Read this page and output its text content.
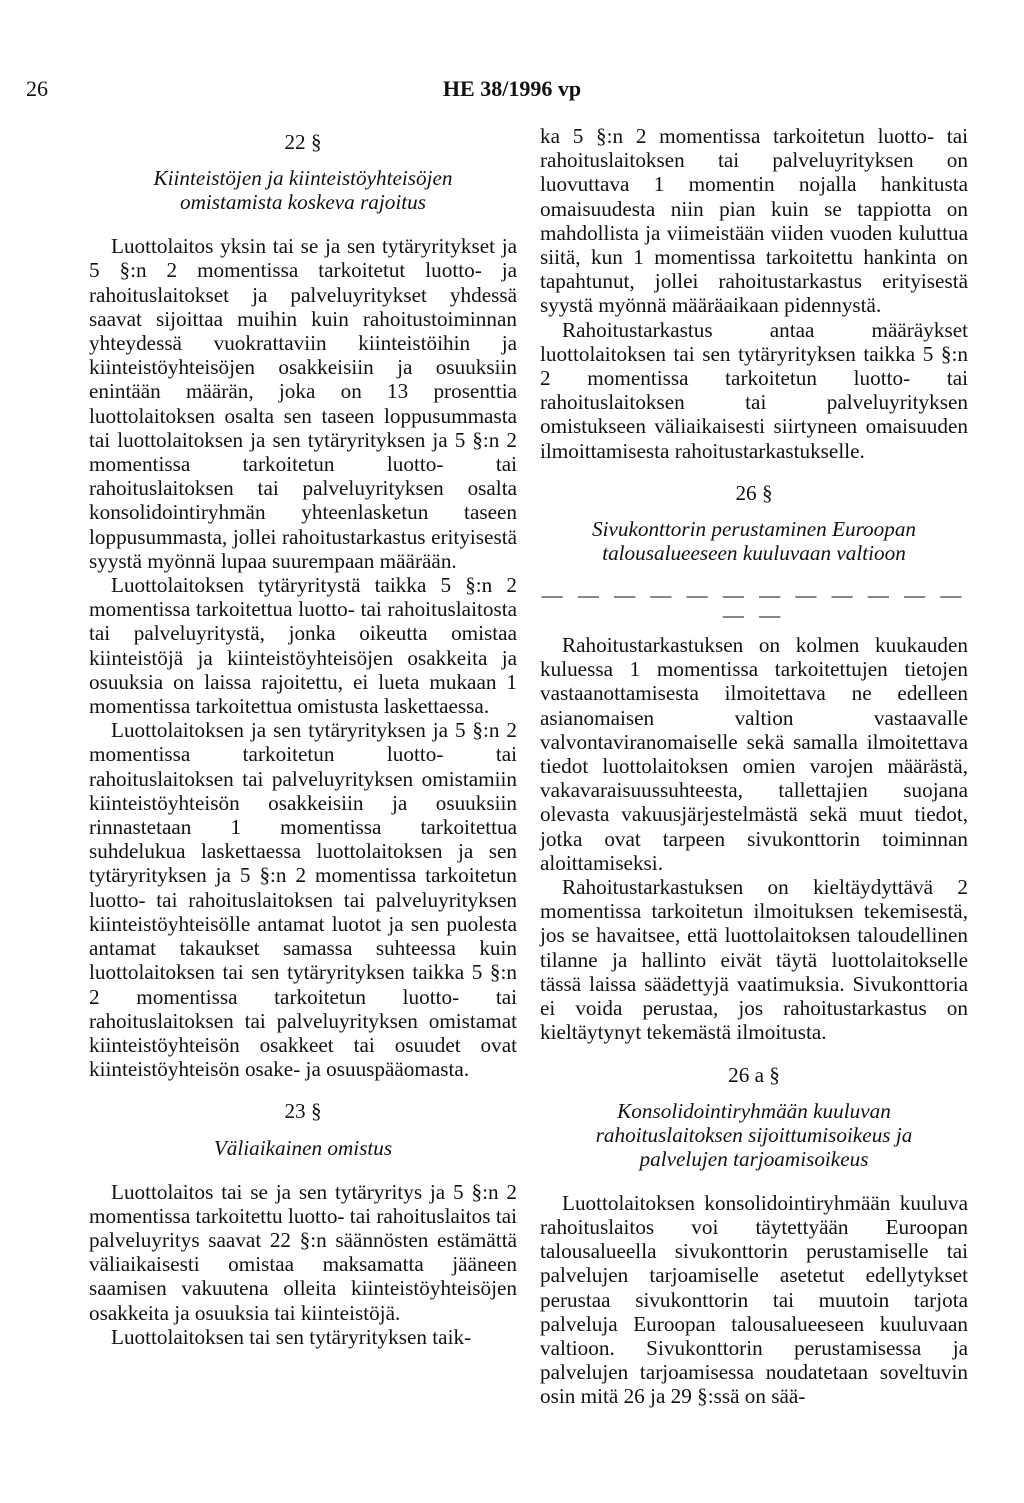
26	HE 38/1996 vp
22 §
Kiinteistöjen ja kiinteistöyhteisöjen omistamista koskeva rajoitus

Luottolaitos yksin tai se ja sen tytäryritykset ja 5 §:n 2 momentissa tarkoitetut luotto- ja rahoituslaitokset ja palveluyritykset yhdessä saavat sijoittaa muihin kuin rahoitustoiminnan yhteydessä vuokrattaviin kiinteistöihin ja kiinteistöyhteisöjen osakkeisiin ja osuuksiin enintään määrän, joka on 13 prosenttia luottolaitoksen osalta sen taseen loppusummasta tai luottolaitoksen ja sen tytäryrityksen ja 5 §:n 2 momentissa tarkoitetun luotto- tai rahoituslaitoksen tai palveluyrityksen osalta konsolidointiryhmän yhteenlasketun taseen loppusummasta, jollei rahoitustarkastus erityisestä syystä myönnä lupaa suurempaan määrään.

Luottolaitoksen tytäryritystä taikka 5 §:n 2 momentissa tarkoitettua luotto- tai rahoituslaitosta tai palveluyritystä, jonka oikeutta omistaa kiinteistöjä ja kiinteistöyhteisöjen osakkeita ja osuuksia on laissa rajoitettu, ei lueta mukaan 1 momentissa tarkoitettua omistusta laskettaessa.

Luottolaitoksen ja sen tytäryrityksen ja 5 §:n 2 momentissa tarkoitetun luotto- tai rahoituslaitoksen tai palveluyrityksen omistamiin kiinteistöyhteisön osakkeisiin ja osuuksiin rinnastetaan 1 momentissa tarkoitettua suhdelukua laskettaessa luottolaitoksen ja sen tytäryrityksen ja 5 §:n 2 momentissa tarkoitetun luotto- tai rahoituslaitoksen tai palveluyrityksen kiinteistöyhteisölle antamat luotot ja sen puolesta antamat takaukset samassa suhteessa kuin luottolaitoksen tai sen tytäryrityksen taikka 5 §:n 2 momentissa tarkoitetun luotto- tai rahoituslaitoksen tai palveluyrityksen omistamat kiinteistöyhteisön osakkeet tai osuudet ovat kiinteistöyhteisön osake- ja osuuspääomasta.

23 §
Väliaikainen omistus

Luottolaitos tai se ja sen tytäryritys ja 5 §:n 2 momentissa tarkoitettu luotto- tai rahoituslaitos tai palveluyritys saavat 22 §:n säännösten estämättä väliaikaisesti omistaa maksamatta jääneen saamisen vakuutena olleita kiinteistöyhteisöjen osakkeita ja osuuksia tai kiinteistöjä.

Luottolaitoksen tai sen tytäryrityksen taik-

ka 5 §:n 2 momentissa tarkoitetun luotto- tai rahoituslaitoksen tai palveluyrityksen on luovuttava 1 momentin nojalla hankitusta omaisuudesta niin pian kuin se tappiotta on mahdollista ja viimeistään viiden vuoden kuluttua siitä, kun 1 momentissa tarkoitettu hankinta on tapahtunut, jollei rahoitustarkastus erityisestä syystä myönnä määräaikaan pidennystä.

Rahoitustarkastus antaa määräykset luottolaitoksen tai sen tytäryrityksen taikka 5 §:n 2 momentissa tarkoitetun luotto- tai rahoituslaitoksen tai palveluyrityksen omistukseen väliaikaisesti siirtyneen omaisuuden ilmoittamisesta rahoitustarkastukselle.

26 §
Sivukonttorin perustaminen Euroopan talousalueeseen kuuluvaan valtioon
— — — — — — — — — — — — — —

Rahoitustarkastuksen on kolmen kuukauden kuluessa 1 momentissa tarkoitettujen tietojen vastaanottamisesta ilmoitettava ne edelleen asianomaisen valtion vastaavalle valvontaviranomaiselle sekä samalla ilmoitettava tiedot luottolaitoksen omien varojen määrästä, vakavaraisuussuhteesta, tallettajien suojana olevasta vakuusjärjestelmästä sekä muut tiedot, jotka ovat tarpeen sivukonttorin toiminnan aloittamiseksi.

Rahoitustarkastuksen on kieltäydyttävä 2 momentissa tarkoitetun ilmoituksen tekemisestä, jos se havaitsee, että luottolaitoksen taloudellinen tilanne ja hallinto eivät täytä luottolaitokselle tässä laissa säädettyjä vaatimuksia. Sivukonttoria ei voida perustaa, jos rahoitustarkastus on kieltäytynyt tekemästä ilmoitusta.

26 a §
Konsolidointiryhmään kuuluvan rahoituslaitoksen sijoittumisoikeus ja palvelujen tarjoamisoikeus

Luottolaitoksen konsolidointiryhmään kuuluva rahoituslaitos voi täytettyään Euroopan talousalueella sivukonttorin perustamiselle tai palvelujen tarjoamiselle asetetut edellytykset perustaa sivukonttorin tai muutoin tarjota palveluja Euroopan talousalueeseen kuuluvaan valtioon. Sivukonttorin perustamisessa ja palvelujen tarjoamisessa noudatetaan soveltuvin osin mitä 26 ja 29 §:ssä on sää-
